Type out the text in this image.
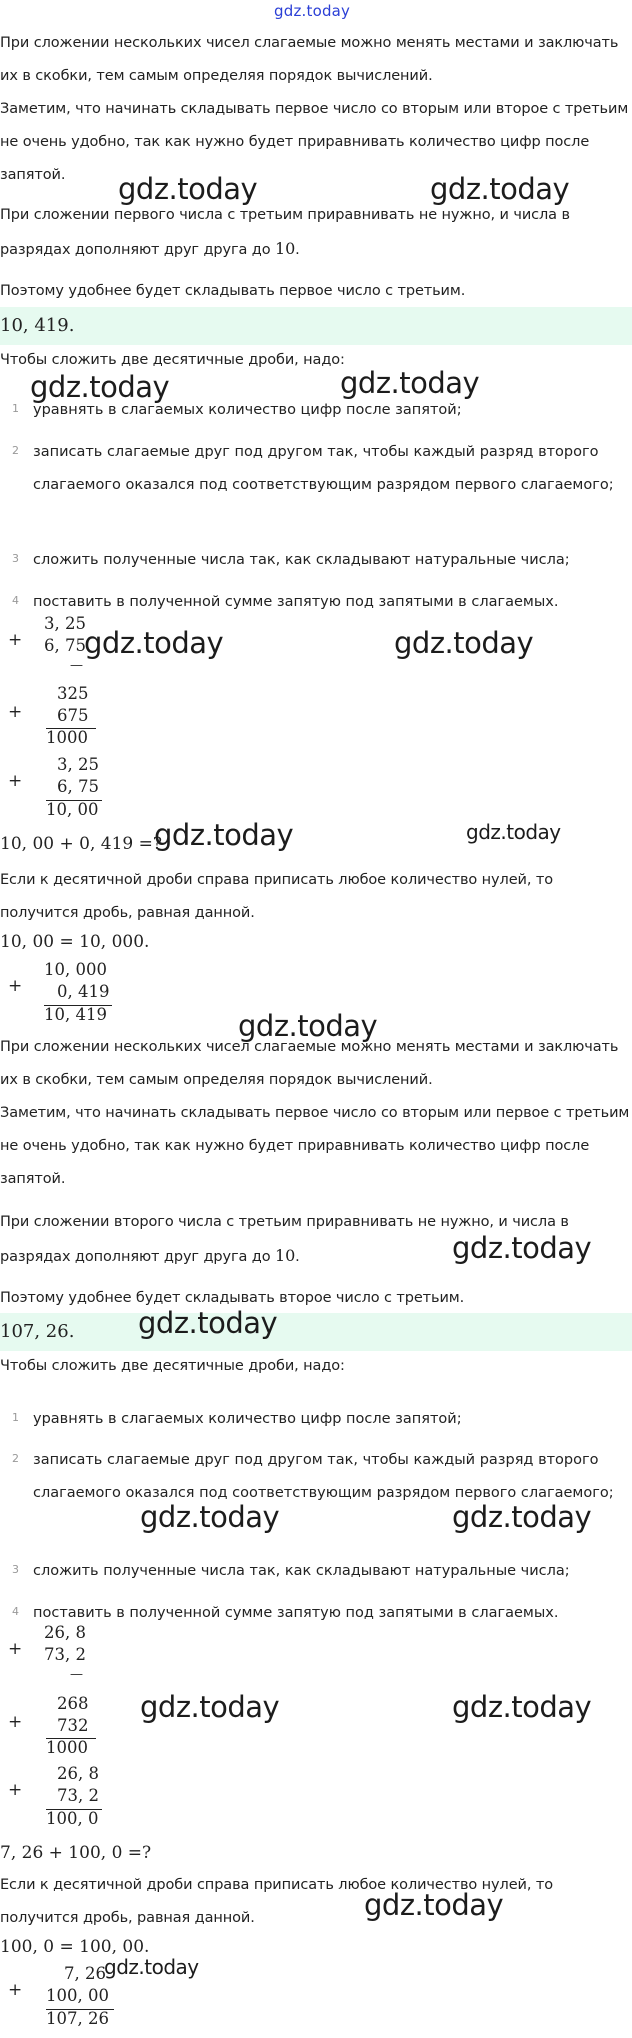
gdz.today
При сложении нескольких чисел слагаемые можно менять местами и заключать их в скобки, тем самым определяя порядок вычислений.
Заметим, что начинать складывать первое число со вторым или второе с третьим не очень удобно, так как нужно будет приравнивать количество цифр после запятой.
При сложении первого числа с третьим приравнивать не нужно, и числа в разрядах дополняют друг друга до 10.
Поэтому удобнее будет складывать первое число с третьим.
10, 419.
Чтобы сложить две десятичные дроби, надо:
1 уравнять в слагаемых количество цифр после запятой;
2 записать слагаемые друг под другом так, чтобы каждый разряд второго слагаемого оказался под соответствующим разрядом первого слагаемого;
3 сложить полученные числа так, как складывают натуральные числа;
4 поставить в полученной сумме запятую под запятыми в слагаемых.
+
3, 25
6, 75
—
+
325
675
1000
+
3, 25
6, 75
10, 00
10, 00 + 0, 419 =?
Если к десятичной дроби справа приписать любое количество нулей, то получится дробь, равная данной.
10, 00 = 10, 000.
+
10, 000
0, 419
10, 419
При сложении нескольких чисел слагаемые можно менять местами и заключать их в скобки, тем самым определяя порядок вычислений.
Заметим, что начинать складывать первое число со вторым или первое с третьим не очень удобно, так как нужно будет приравнивать количество цифр после запятой.
При сложении второго числа с третьим приравнивать не нужно, и числа в разрядах дополняют друг друга до 10.
Поэтому удобнее будет складывать второе число с третьим.
107, 26.
Чтобы сложить две десятичные дроби, надо:
1 уравнять в слагаемых количество цифр после запятой;
2 записать слагаемые друг под другом так, чтобы каждый разряд второго слагаемого оказался под соответствующим разрядом первого слагаемого;
3 сложить полученные числа так, как складывают натуральные числа;
4 поставить в полученной сумме запятую под запятыми в слагаемых.
+
26, 8
73, 2
—
+
268
732
1000
+
26, 8
73, 2
100, 0
7, 26 + 100, 0 =?
Если к десятичной дроби справа приписать любое количество нулей, то получится дробь, равная данной.
100, 0 = 100, 00.
+
7, 26
100, 00
107, 26
gdz.today	gdz.today
gdz.today	gdz.today
gdz.today	gdz.today
gdz.today	gdz.today
gdz.today
gdz.today
gdz.today
gdz.today	gdz.today
gdz.today	gdz.today
gdz.today
gdz.today
